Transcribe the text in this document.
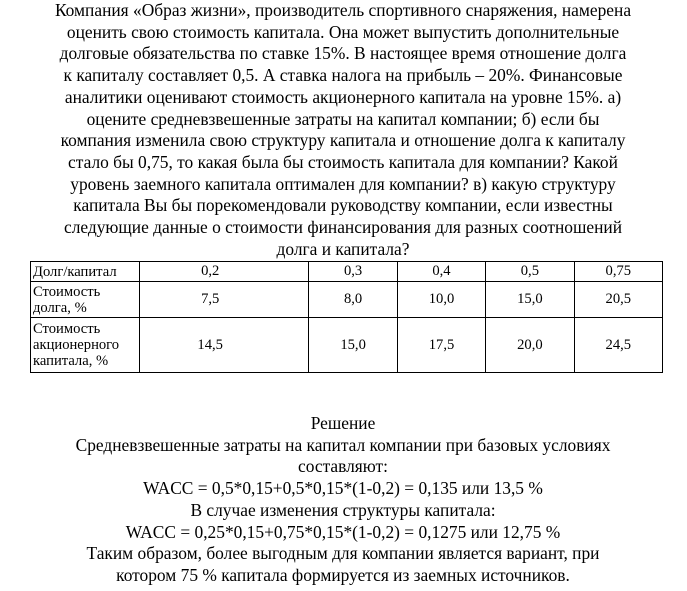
Компания «Образ жизни», производитель спортивного снаряжения, намерена
оценить свою стоимость капитала. Она может выпустить дополнительные
долговые обязательства по ставке 15%. В настоящее время отношение долга
к капиталу составляет 0,5. А ставка налога на прибыль – 20%. Финансовые
аналитики оценивают стоимость акционерного капитала на уровне 15%. а)
оцените средневзвешенные затраты на капитал компании; б) если бы
компания изменила свою структуру капитала и отношение долга к капиталу
стало бы 0,75, то какая была бы стоимость капитала для компании? Какой
уровень заемного капитала оптимален для компании? в) какую структуру
капитала Вы бы порекомендовали руководству компании, если известны
следующие данные о стоимости финансирования для разных соотношений
долга и капитала?
Долг/капитал	0,2	0,3	0,4	0,5	0,75
Стоимость
долга, %	7,5	8,0	10,0	15,0	20,5
Стоимость
акционерного
капитала, %	14,5	15,0	17,5	20,0	24,5
Решение
Средневзвешенные затраты на капитал компании при базовых условиях
составляют:
WACC = 0,5*0,15+0,5*0,15*(1-0,2) = 0,135 или 13,5 %
В случае изменения структуры капитала:
WACC = 0,25*0,15+0,75*0,15*(1-0,2) = 0,1275 или 12,75 %
Таким образом, более выгодным для компании является вариант, при
котором 75 % капитала формируется из заемных источников.
